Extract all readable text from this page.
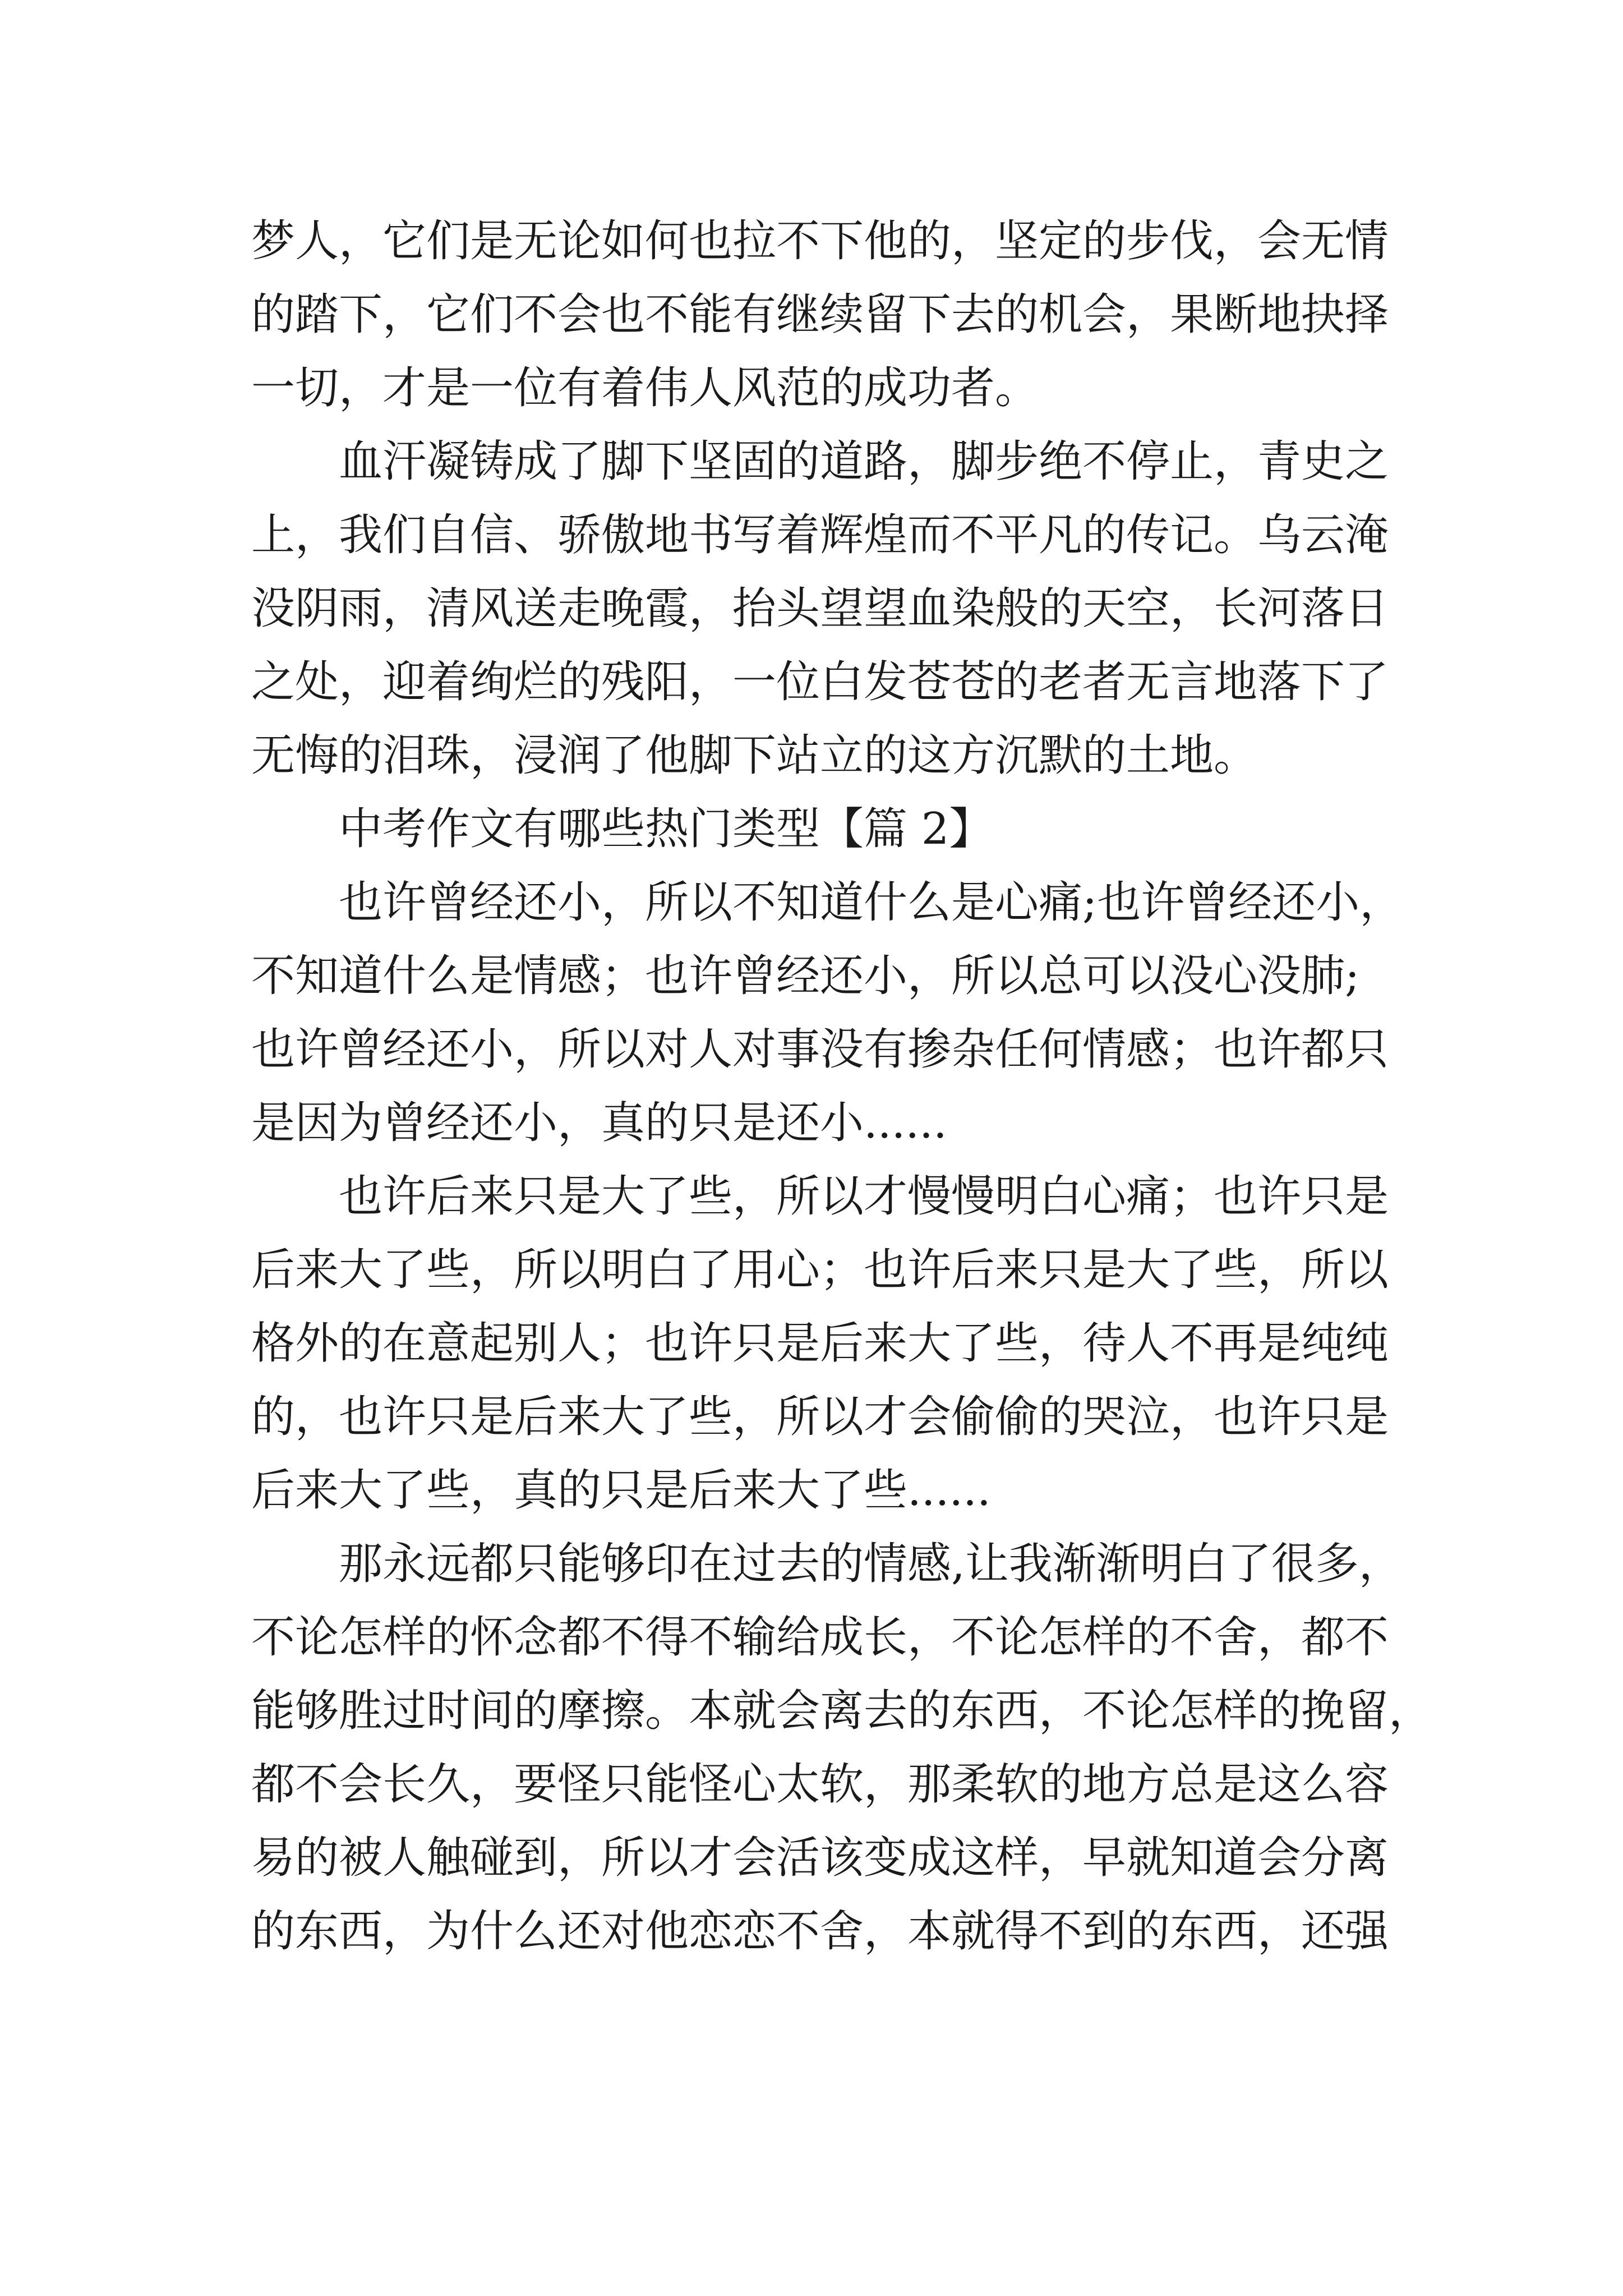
梦人，它们是无论如何也拉不下他的，坚定的步伐，会无情
的踏下，它们不会也不能有继续留下去的机会，果断地抉择
一切，才是一位有着伟人风范的成功者。
血汗凝铸成了脚下坚固的道路，脚步绝不停止，青史之
上，我们自信、骄傲地书写着辉煌而不平凡的传记。乌云淹
没阴雨，清风送走晚霞，抬头望望血染般的天空，长河落日
之处，迎着绚烂的残阳，一位白发苍苍的老者无言地落下了
无悔的泪珠，浸润了他脚下站立的这方沉默的土地。
中考作文有哪些热门类型【篇 2】
也许曾经还小，所以不知道什么是心痛;也许曾经还小，
不知道什么是情感；也许曾经还小，所以总可以没心没肺;
也许曾经还小，所以对人对事没有掺杂任何情感；也许都只
是因为曾经还小，真的只是还小......
也许后来只是大了些，所以才慢慢明白心痛；也许只是
后来大了些，所以明白了用心；也许后来只是大了些，所以
格外的在意起别人；也许只是后来大了些，待人不再是纯纯
的，也许只是后来大了些，所以才会偷偷的哭泣，也许只是
后来大了些，真的只是后来大了些......
那永远都只能够印在过去的情感,让我渐渐明白了很多，
不论怎样的怀念都不得不输给成长，不论怎样的不舍，都不
能够胜过时间的摩擦。本就会离去的东西，不论怎样的挽留，
都不会长久，要怪只能怪心太软，那柔软的地方总是这么容
易的被人触碰到，所以才会活该变成这样，早就知道会分离
的东西，为什么还对他恋恋不舍，本就得不到的东西，还强
